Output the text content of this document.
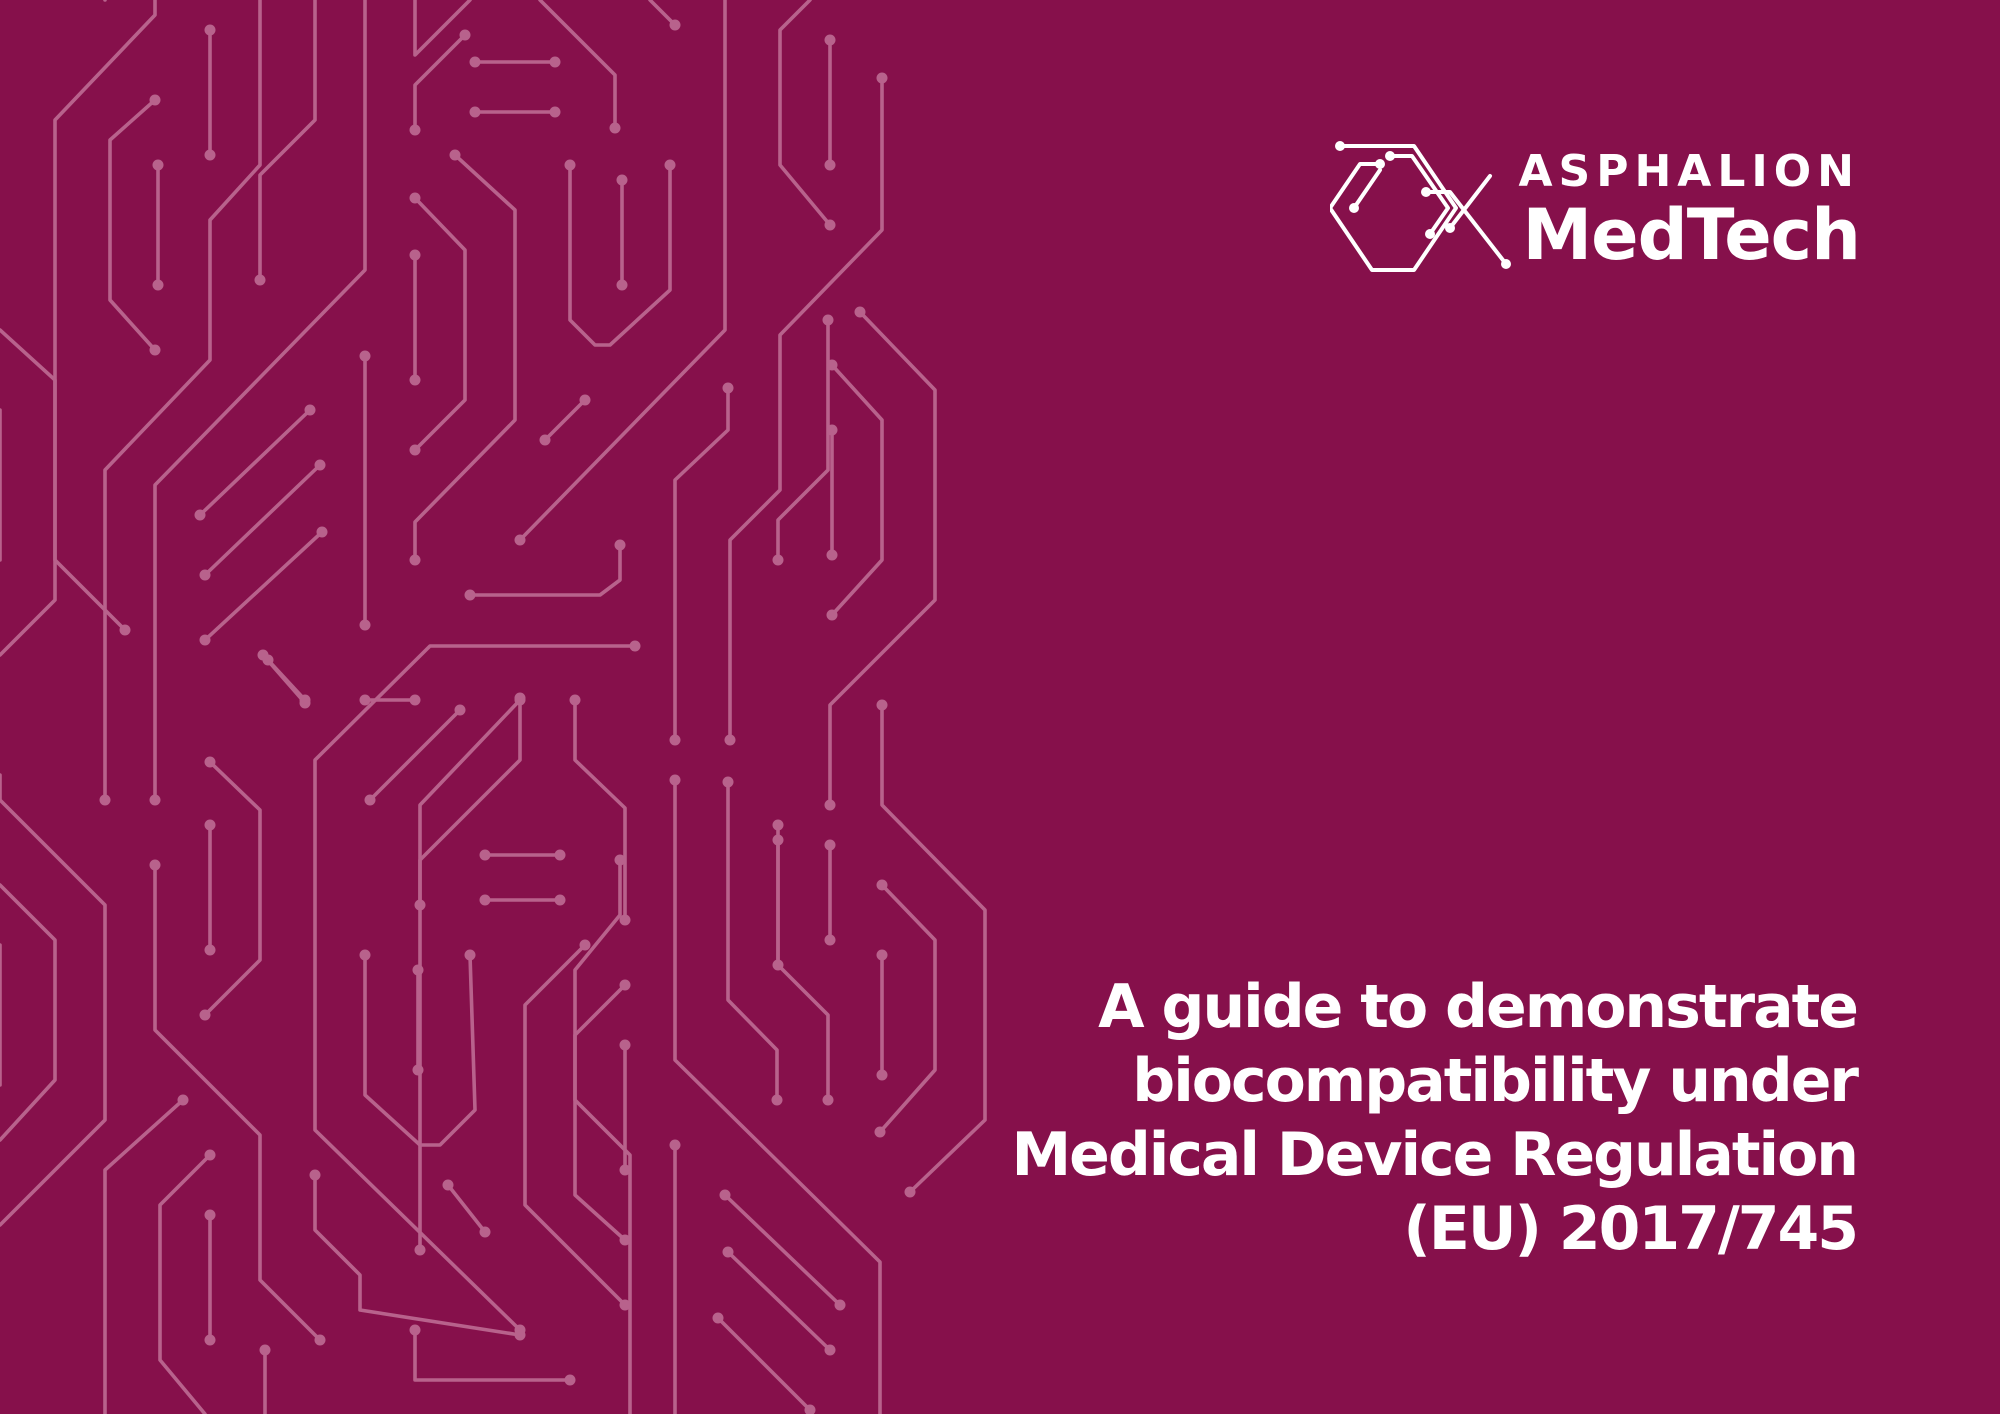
ASPHALION
MedTech
A guide to demonstrate
biocompatibility under
Medical Device Regulation
(EU) 2017/745
